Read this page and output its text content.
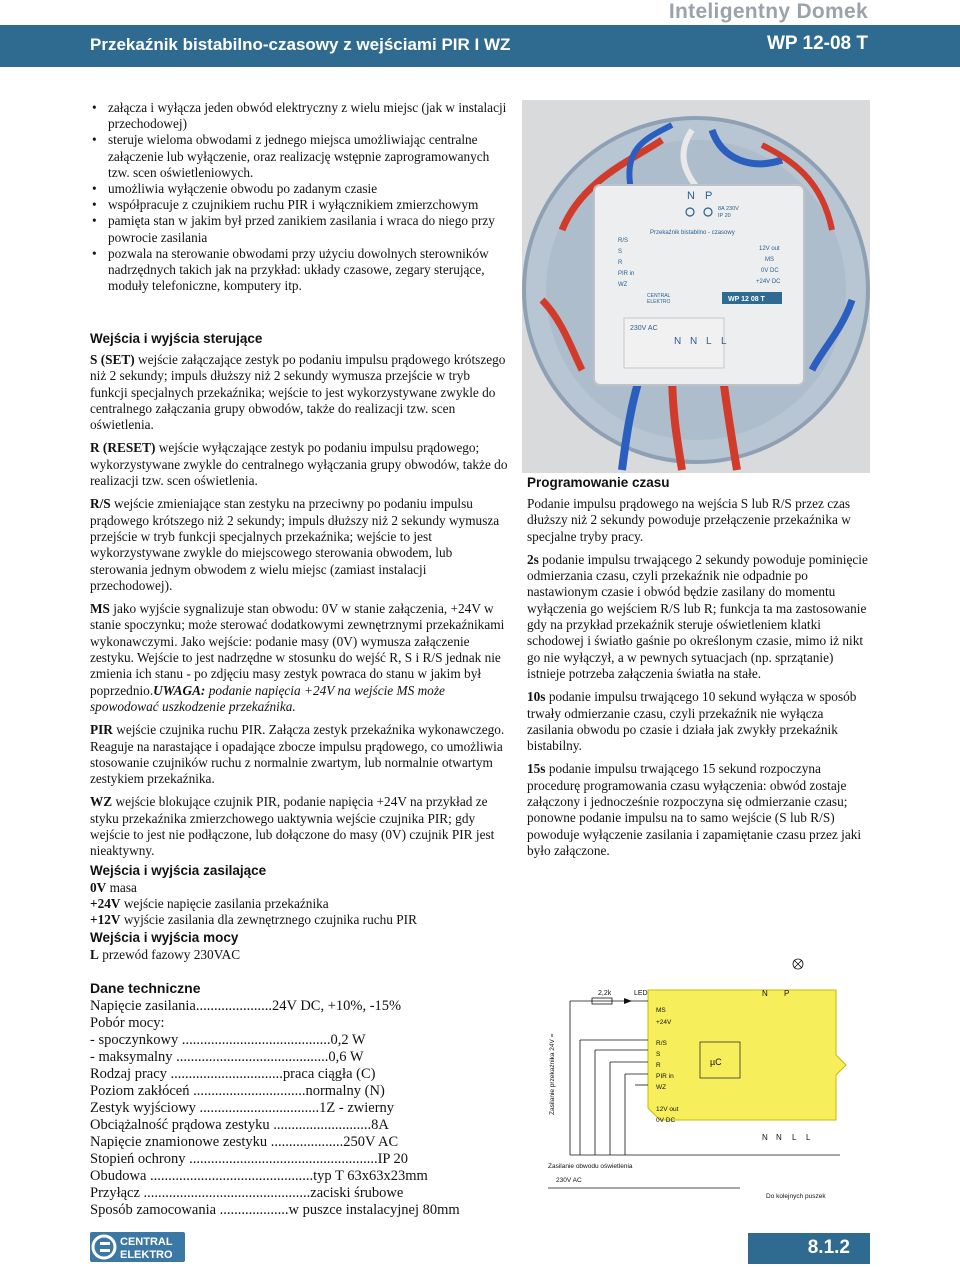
Inteligentny Domek
Przekaźnik bistabilno-czasowy z wejściami PIR I WZ	WP 12-08 T
• załącza i wyłącza jeden obwód elektryczny z wielu miejsc (jak w instalacji przechodowej)
• steruje wieloma obwodami z jednego miejsca umożliwiając centralne załączenie lub wyłączenie, oraz realizację wstępnie zaprogramowanych tzw. scen oświetleniowych.
• umożliwia wyłączenie obwodu po zadanym czasie
• współpracuje z czujnikiem ruchu PIR i wyłącznikiem zmierzchowym
• pamięta stan w jakim był przed zanikiem zasilania i wraca do niego przy powrocie zasilania
• pozwala na sterowanie obwodami przy użyciu dowolnych sterowników nadrzędnych takich jak na przykład: układy czasowe, zegary sterujące, moduły telefoniczne, komputery itp.
Wejścia i wyjścia sterujące

S (SET) wejście załączające zestyk po podaniu impulsu prądowego krótszego niż 2 sekundy; impuls dłuższy niż 2 sekundy wymusza przejście w tryb funkcji specjalnych przekaźnika; wejście to jest wykorzystywane zwykle do centralnego załączania grupy obwodów, także do realizacji tzw. scen oświetlenia.

R (RESET) wejście wyłączające zestyk po podaniu impulsu prądowego; wykorzystywane zwykle do centralnego wyłączania grupy obwodów, także do realizacji tzw. scen oświetlenia.

R/S wejście zmieniające stan zestyku na przeciwny po podaniu impulsu prądowego krótszego niż 2 sekundy; impuls dłuższy niż 2 sekundy wymusza przejście w tryb funkcji specjalnych przekaźnika; wejście to jest wykorzystywane zwykle do miejscowego sterowania obwodem, lub sterowania jednym obwodem z wielu miejsc (zamiast instalacji przechodowej).

MS jako wyjście sygnalizuje stan obwodu: 0V w stanie załączenia, +24V w stanie spoczynku; może sterować dodatkowymi zewnętrznymi przekaźnikami wykonawczymi. Jako wejście: podanie masy (0V) wymusza załączenie zestyku. Wejście to jest nadrzędne w stosunku do wejść R, S i R/S jednak nie zmienia ich stanu - po zdjęciu masy zestyk powraca do stanu w jakim był poprzednio.UWAGA: podanie napięcia +24V na wejście MS może spowodować uszkodzenie przekaźnika.

PIR wejście czujnika ruchu PIR. Załącza zestyk przekaźnika wykonawczego. Reaguje na narastające i opadające zbocze impulsu prądowego, co umożliwia stosowanie czujników ruchu z normalnie zwartym, lub normalnie otwartym zestykiem przekaźnika.

WZ wejście blokujące czujnik PIR, podanie napięcia +24V na przykład ze styku przekaźnika zmierzchowego uaktywnia wejście czujnika PIR; gdy wejście to jest nie podłączone, lub dołączone do masy (0V) czujnik PIR jest nieaktywny.

Wejścia i wyjścia zasilające
0V masa
+24V wejście napięcie zasilania przekaźnika
+12V wyjście zasilania dla zewnętrznego czujnika ruchu PIR
Wejścia i wyjścia mocy
L przewód fazowy 230VAC
N P
8A 230V
IP 20
Przekaźnik bistabilno - czasowy
R/S
S
R
PIR in
WZ
12V out
MS
0V DC
+24V DC
CENTRAL
ELEKTRO	WP 12 08 T
230V AC
N N L L
Programowanie czasu

Podanie impulsu prądowego na wejścia S lub R/S przez czas dłuższy niż 2 sekundy powoduje przełączenie przekaźnika w specjalne tryby pracy.

2s podanie impulsu trwającego 2 sekundy powoduje pominięcie odmierzania czasu, czyli przekaźnik nie odpadnie po nastawionym czasie i obwód będzie zasilany do momentu wyłączenia go wejściem R/S lub R; funkcja ta ma zastosowanie gdy na przykład przekaźnik steruje oświetleniem klatki schodowej i światło gaśnie po określonym czasie, mimo iż nikt go nie wyłączył, a w pewnych sytuacjach (np. sprzątanie) istnieje potrzeba załączenia światła na stałe.

10s podanie impulsu trwającego 10 sekund wyłącza w sposób trwały odmierzanie czasu, czyli przekaźnik nie wyłącza zasilania obwodu po czasie i działa jak zwykły przekaźnik bistabilny.

15s podanie impulsu trwającego 15 sekund rozpoczyna procedurę programowania czasu wyłączenia: obwód zostaje załączony i jednocześnie rozpoczyna się odmierzanie czasu; ponowne podanie impulsu na to samo wejście (S lub R/S) powoduje wyłączenie zasilania i zapamiętanie czasu przez jaki było załączone.

Dane techniczne
Napięcie zasilania.....................24V DC, +10%, -15%
Pobór mocy:
- spoczynkowy .........................................0,2 W
- maksymalny ..........................................0,6 W
Rodzaj pracy ...............................praca ciągła (C)
Poziom zakłóceń ...............................normalny (N)
Zestyk wyjściowy .................................1Z - zwierny
Obciążalność prądowa zestyku ...........................8A
Napięcie znamionowe zestyku ....................250V AC
Stopień ochrony ....................................................IP 20
Obudowa .............................................typ T 63x63x23mm
Przyłącz ..............................................zaciski śrubowe
Sposób zamocowania ...................w puszce instalacyjnej 80mm
µC
2,2k	LED
Zasilanie przekaźnika 24V =
MS
+24V
R/S
S
R
PIR in
WZ
12V out
0V DC
N P
N N L L
Zasilanie obwodu oświetlenia
230V AC
Do kolejnych puszek
CENTRAL
ELEKTRO	8.1.2
